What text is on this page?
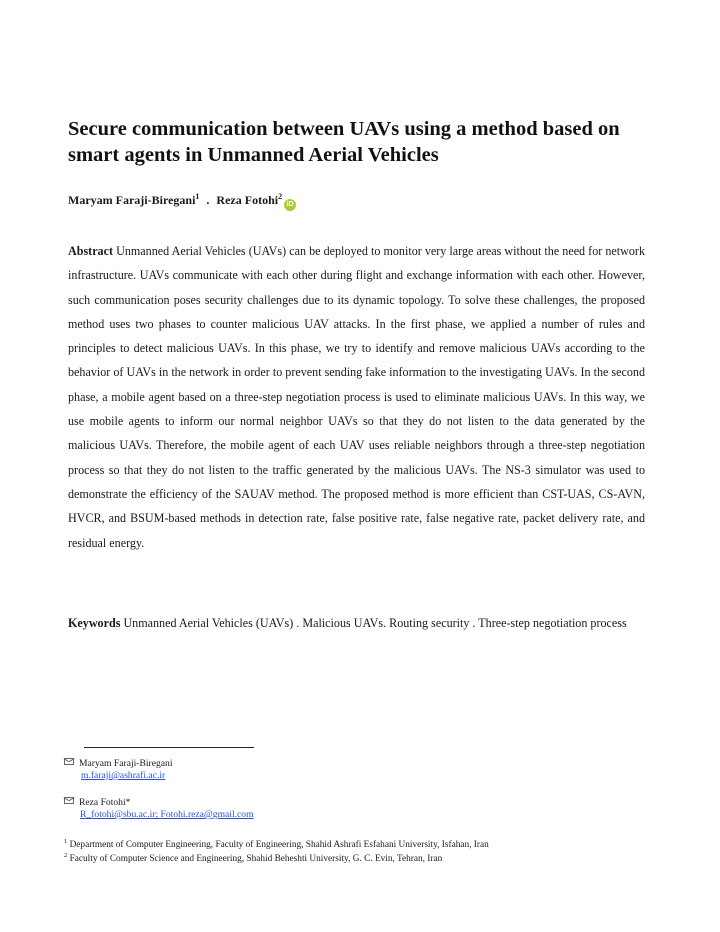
Secure communication between UAVs using a method based on smart agents in Unmanned Aerial Vehicles
Maryam Faraji-Biregani$^1$ . Reza Fotohi$^2$iD

Abstract Unmanned Aerial Vehicles (UAVs) can be deployed to monitor very large areas without the need for network infrastructure. UAVs communicate with each other during flight and exchange information with each other. However, such communication poses security challenges due to its dynamic topology. To solve these challenges, the proposed method uses two phases to counter malicious UAV attacks. In the first phase, we applied a number of rules and principles to detect malicious UAVs. In this phase, we try to identify and remove malicious UAVs according to the behavior of UAVs in the network in order to prevent sending fake information to the investigating UAVs. In the second phase, a mobile agent based on a three-step negotiation process is used to eliminate malicious UAVs. In this way, we use mobile agents to inform our normal neighbor UAVs so that they do not listen to the data generated by the malicious UAVs. Therefore, the mobile agent of each UAV uses reliable neighbors through a three-step negotiation process so that they do not listen to the traffic generated by the malicious UAVs. The NS-3 simulator was used to demonstrate the efficiency of the SAUAV method. The proposed method is more efficient than CST-UAS, CS-AVN, HVCR, and BSUM-based methods in detection rate, false positive rate, false negative rate, packet delivery rate, and residual energy.

Keywords Unmanned Aerial Vehicles (UAVs) . Malicious UAVs. Routing security . Three-step negotiation process

Maryam Faraji-Biregani
m.faraji@ashrafi.ac.ir
Reza Fotohi*
R_fotohi@sbu.ac.ir; Fotohi.reza@gmail.com
$^1$ Department of Computer Engineering, Faculty of Engineering, Shahid Ashrafi Esfahani University, Isfahan, Iran
$^2$ Faculty of Computer Science and Engineering, Shahid Beheshti University, G. C. Evin, Tehran, Iran
